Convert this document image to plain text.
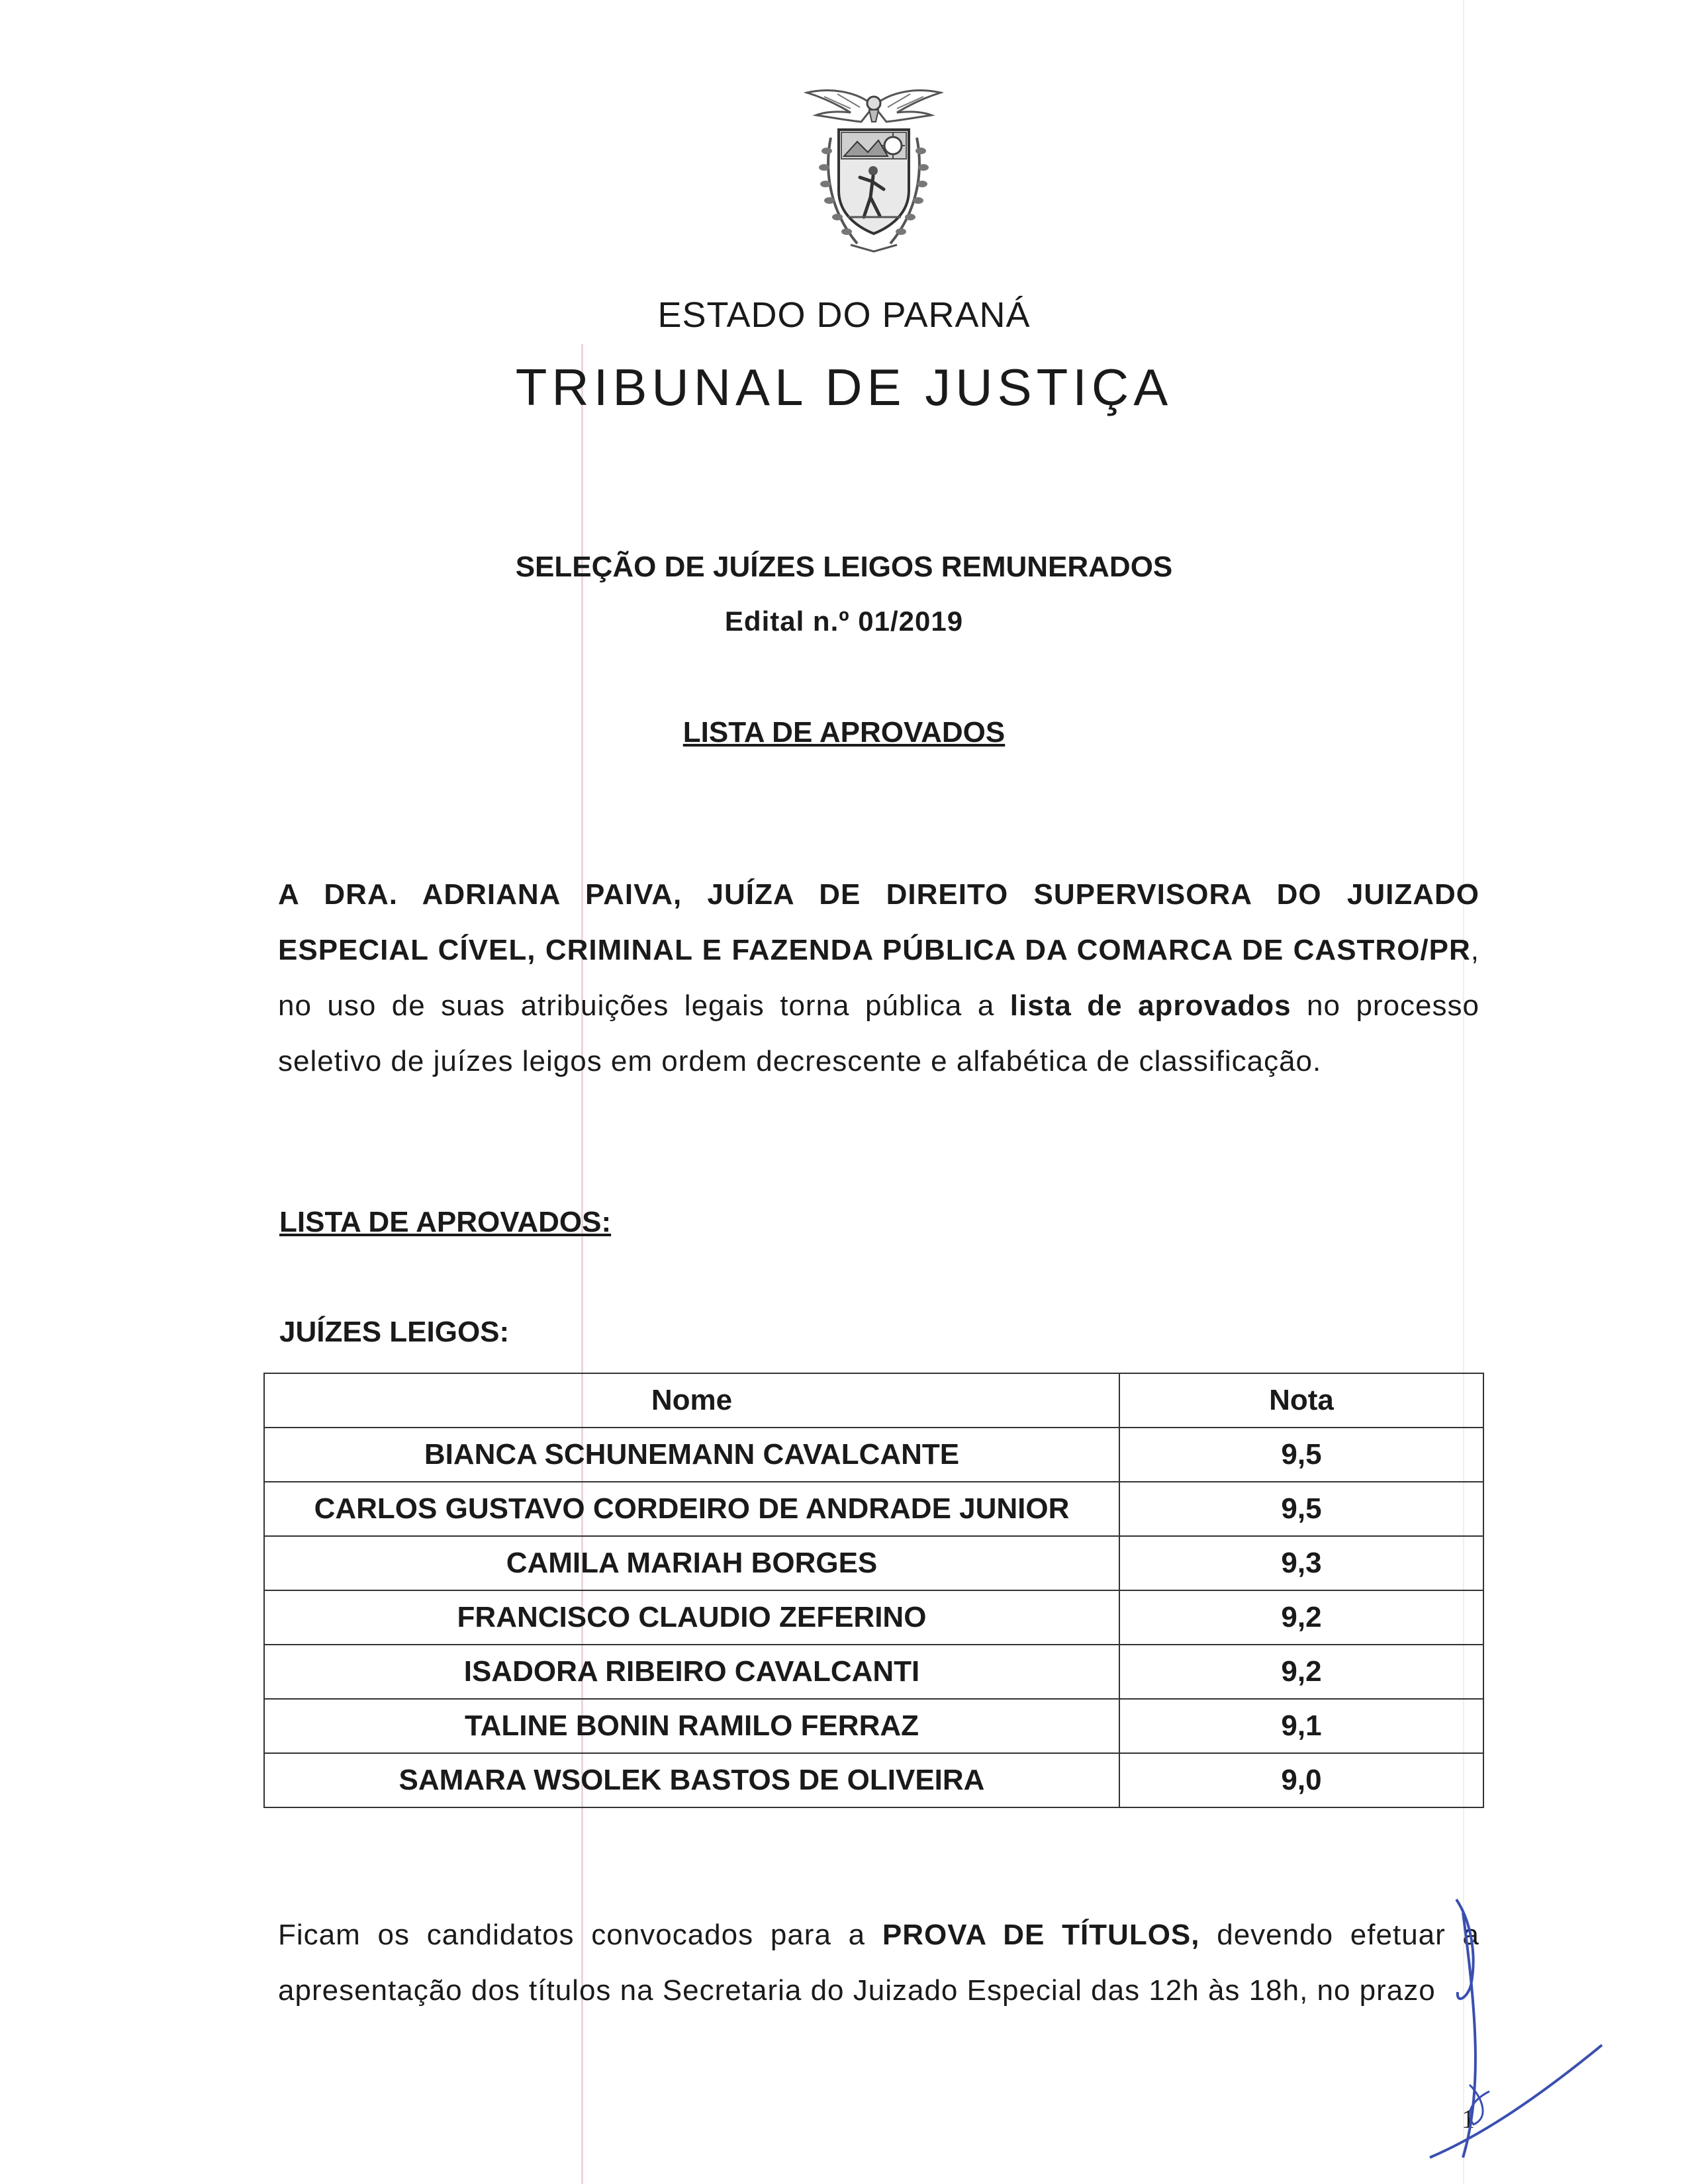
ESTADO DO PARANÁ
TRIBUNAL DE JUSTIÇA
SELEÇÃO DE JUÍZES LEIGOS REMUNERADOS
Edital n.º 01/2019
LISTA DE APROVADOS

A DRA. ADRIANA PAIVA, JUÍZA DE DIREITO SUPERVISORA DO JUIZADO ESPECIAL CÍVEL, CRIMINAL E FAZENDA PÚBLICA DA COMARCA DE CASTRO/PR, no uso de suas atribuições legais torna pública a lista de aprovados no processo seletivo de juízes leigos em ordem decrescente e alfabética de classificação.

LISTA DE APROVADOS:
JUÍZES LEIGOS:
Nome	Nota
BIANCA SCHUNEMANN CAVALCANTE	9,5
CARLOS GUSTAVO CORDEIRO DE ANDRADE JUNIOR	9,5
CAMILA MARIAH BORGES	9,3
FRANCISCO CLAUDIO ZEFERINO	9,2
ISADORA RIBEIRO CAVALCANTI	9,2
TALINE BONIN RAMILO FERRAZ	9,1
SAMARA WSOLEK BASTOS DE OLIVEIRA	9,0

Ficam os candidatos convocados para a PROVA DE TÍTULOS, devendo efetuar a apresentação dos títulos na Secretaria do Juizado Especial das 12h às 18h, no prazo

1
